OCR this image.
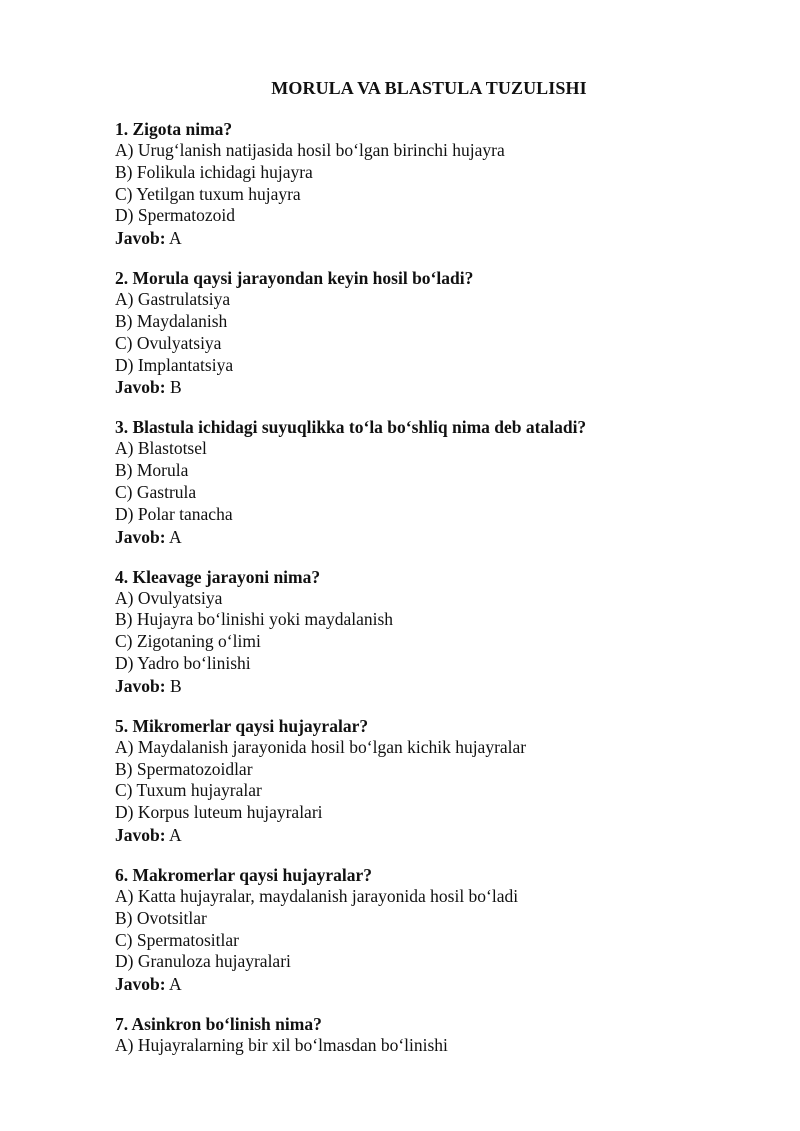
MORULA VA BLASTULA TUZULISHI
1. Zigota nima?
A) Urug‘lanish natijasida hosil bo‘lgan birinchi hujayra
B) Folikula ichidagi hujayra
C) Yetilgan tuxum hujayra
D) Spermatozoid
Javob: A
2. Morula qaysi jarayondan keyin hosil bo‘ladi?
A) Gastrulatsiya
B) Maydalanish
C) Ovulyatsiya
D) Implantatsiya
Javob: B
3. Blastula ichidagi suyuqlikka to‘la bo‘shliq nima deb ataladi?
A) Blastotsel
B) Morula
C) Gastrula
D) Polar tanacha
Javob: A
4. Kleavage jarayoni nima?
A) Ovulyatsiya
B) Hujayra bo‘linishi yoki maydalanish
C) Zigotaning o‘limi
D) Yadro bo‘linishi
Javob: B
5. Mikromerlar qaysi hujayralar?
A) Maydalanish jarayonida hosil bo‘lgan kichik hujayralar
B) Spermatozoidlar
C) Tuxum hujayralar
D) Korpus luteum hujayralari
Javob: A
6. Makromerlar qaysi hujayralar?
A) Katta hujayralar, maydalanish jarayonida hosil bo‘ladi
B) Ovotsitlar
C) Spermatositlar
D) Granuloza hujayralari
Javob: A
7. Asinkron bo‘linish nima?
A) Hujayralarning bir xil bo‘lmasdan bo‘linishi
